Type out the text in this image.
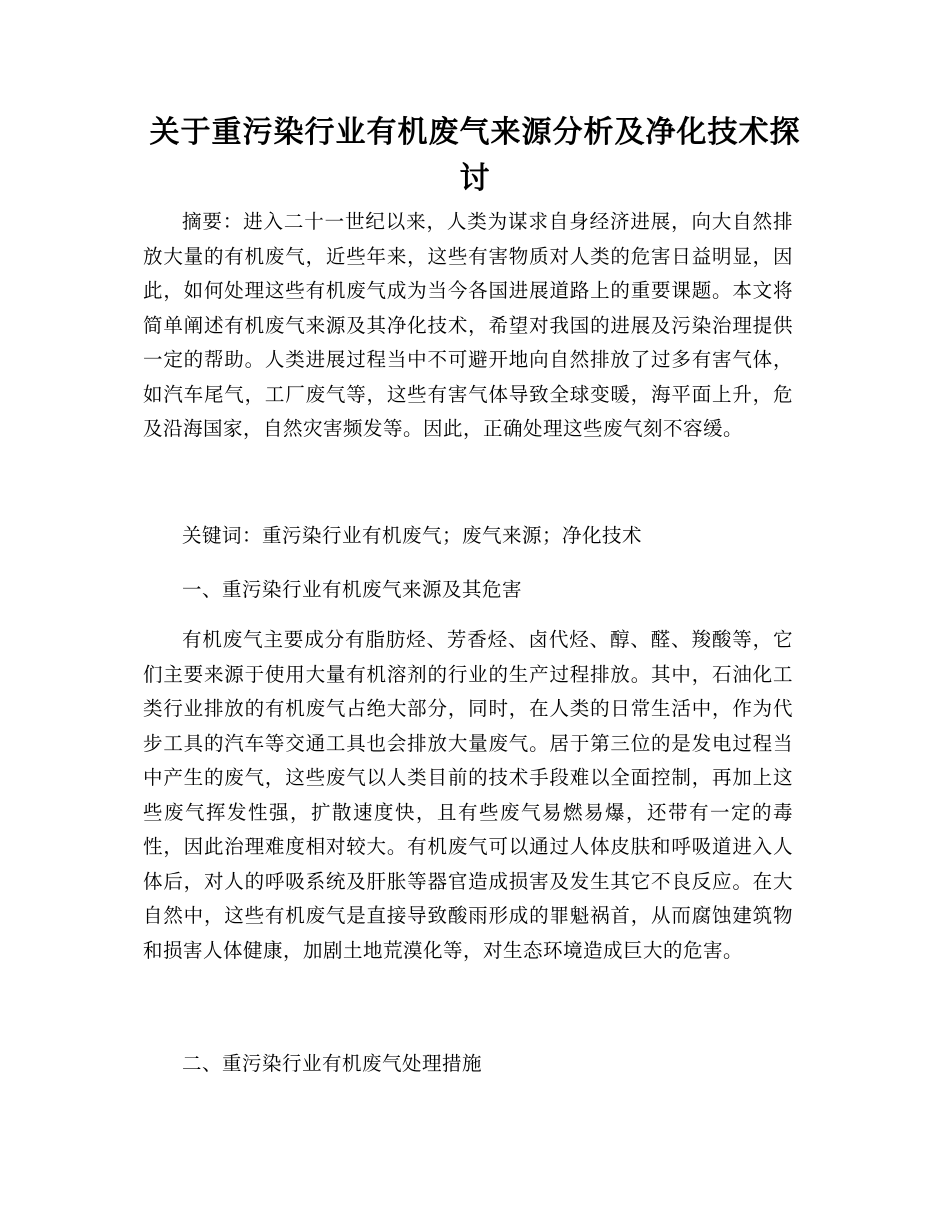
关于重污染行业有机废气来源分析及净化技术探讨

摘要：进入二十一世纪以来，人类为谋求自身经济进展，向大自然排放大量的有机废气，近些年来，这些有害物质对人类的危害日益明显，因此，如何处理这些有机废气成为当今各国进展道路上的重要课题。本文将简单阐述有机废气来源及其净化技术，希望对我国的进展及污染治理提供一定的帮助。人类进展过程当中不可避开地向自然排放了过多有害气体，如汽车尾气，工厂废气等，这些有害气体导致全球变暖，海平面上升，危及沿海国家，自然灾害频发等。因此，正确处理这些废气刻不容缓。

关键词：重污染行业有机废气；废气来源；净化技术

一、重污染行业有机废气来源及其危害

有机废气主要成分有脂肪烃、芳香烃、卤代烃、醇、醛、羧酸等，它们主要来源于使用大量有机溶剂的行业的生产过程排放。其中，石油化工类行业排放的有机废气占绝大部分，同时，在人类的日常生活中，作为代步工具的汽车等交通工具也会排放大量废气。居于第三位的是发电过程当中产生的废气，这些废气以人类目前的技术手段难以全面控制，再加上这些废气挥发性强，扩散速度快，且有些废气易燃易爆，还带有一定的毒性，因此治理难度相对较大。有机废气可以通过人体皮肤和呼吸道进入人体后，对人的呼吸系统及肝胀等器官造成损害及发生其它不良反应。在大自然中，这些有机废气是直接导致酸雨形成的罪魁祸首，从而腐蚀建筑物和损害人体健康，加剧土地荒漠化等，对生态环境造成巨大的危害。

二、重污染行业有机废气处理措施
